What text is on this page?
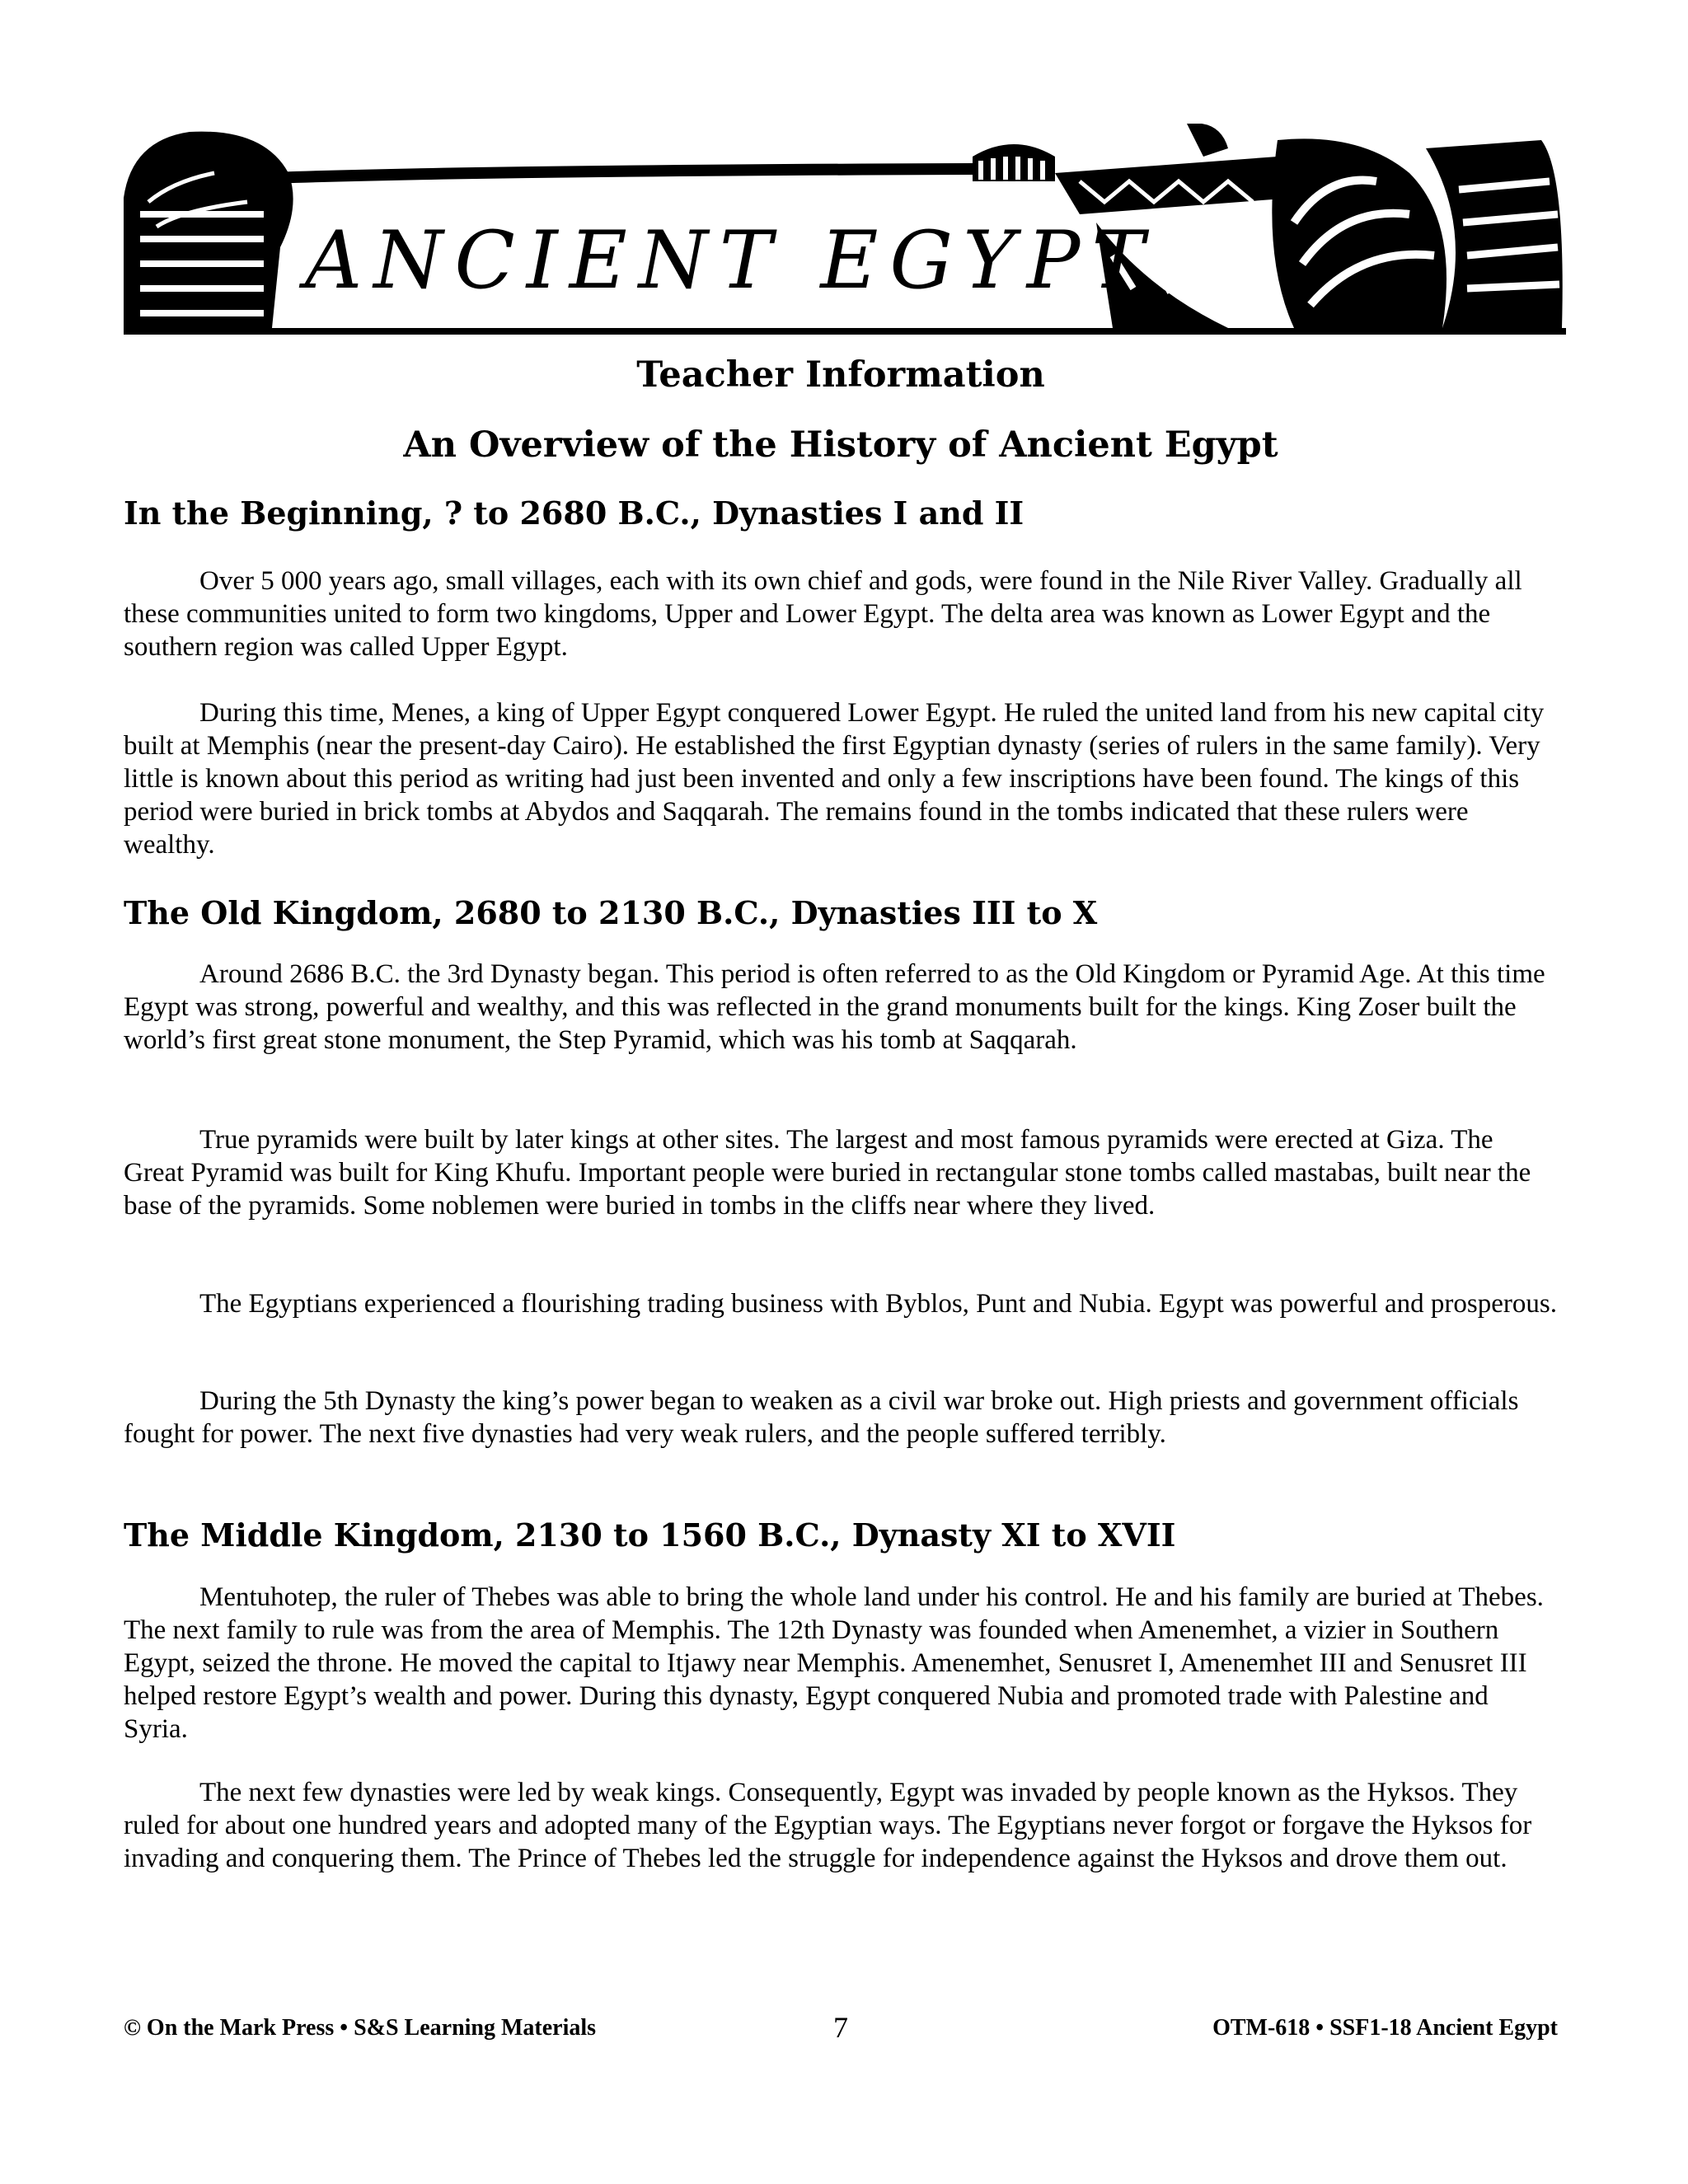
ANCIENT EGYPT
Teacher Information
An Overview of the History of Ancient Egypt
In the Beginning, ? to 2680 B.C., Dynasties I and II

Over 5 000 years ago, small villages, each with its own chief and gods, were found in the Nile River Valley. Gradually all these communities united to form two kingdoms, Upper and Lower Egypt. The delta area was known as Lower Egypt and the southern region was called Upper Egypt.

During this time, Menes, a king of Upper Egypt conquered Lower Egypt. He ruled the united land from his new capital city built at Memphis (near the present-day Cairo). He established the first Egyptian dynasty (series of rulers in the same family). Very little is known about this period as writing had just been invented and only a few inscriptions have been found. The kings of this period were buried in brick tombs at Abydos and Saqqarah. The remains found in the tombs indicated that these rulers were wealthy.

The Old Kingdom, 2680 to 2130 B.C., Dynasties III to X

Around 2686 B.C. the 3rd Dynasty began. This period is often referred to as the Old Kingdom or Pyramid Age. At this time Egypt was strong, powerful and wealthy, and this was reflected in the grand monuments built for the kings. King Zoser built the world’s first great stone monument, the Step Pyramid, which was his tomb at Saqqarah.

True pyramids were built by later kings at other sites. The largest and most famous pyramids were erected at Giza. The Great Pyramid was built for King Khufu. Important people were buried in rectangular stone tombs called mastabas, built near the base of the pyramids. Some noblemen were buried in tombs in the cliffs near where they lived.

The Egyptians experienced a flourishing trading business with Byblos, Punt and Nubia. Egypt was powerful and prosperous.

During the 5th Dynasty the king’s power began to weaken as a civil war broke out. High priests and government officials fought for power. The next five dynasties had very weak rulers, and the people suffered terribly.

The Middle Kingdom, 2130 to 1560 B.C., Dynasty XI to XVII

Mentuhotep, the ruler of Thebes was able to bring the whole land under his control. He and his family are buried at Thebes. The next family to rule was from the area of Memphis. The 12th Dynasty was founded when Amenemhet, a vizier in Southern Egypt, seized the throne. He moved the capital to Itjawy near Memphis. Amenemhet, Senusret I, Amenemhet III and Senusret III helped restore Egypt’s wealth and power. During this dynasty, Egypt conquered Nubia and promoted trade with Palestine and Syria.

The next few dynasties were led by weak kings. Consequently, Egypt was invaded by people known as the Hyksos. They ruled for about one hundred years and adopted many of the Egyptian ways. The Egyptians never forgot or forgave the Hyksos for invading and conquering them. The Prince of Thebes led the struggle for independence against the Hyksos and drove them out.

© On the Mark Press • S&S Learning Materials	7	OTM-618 • SSF1-18 Ancient Egypt
